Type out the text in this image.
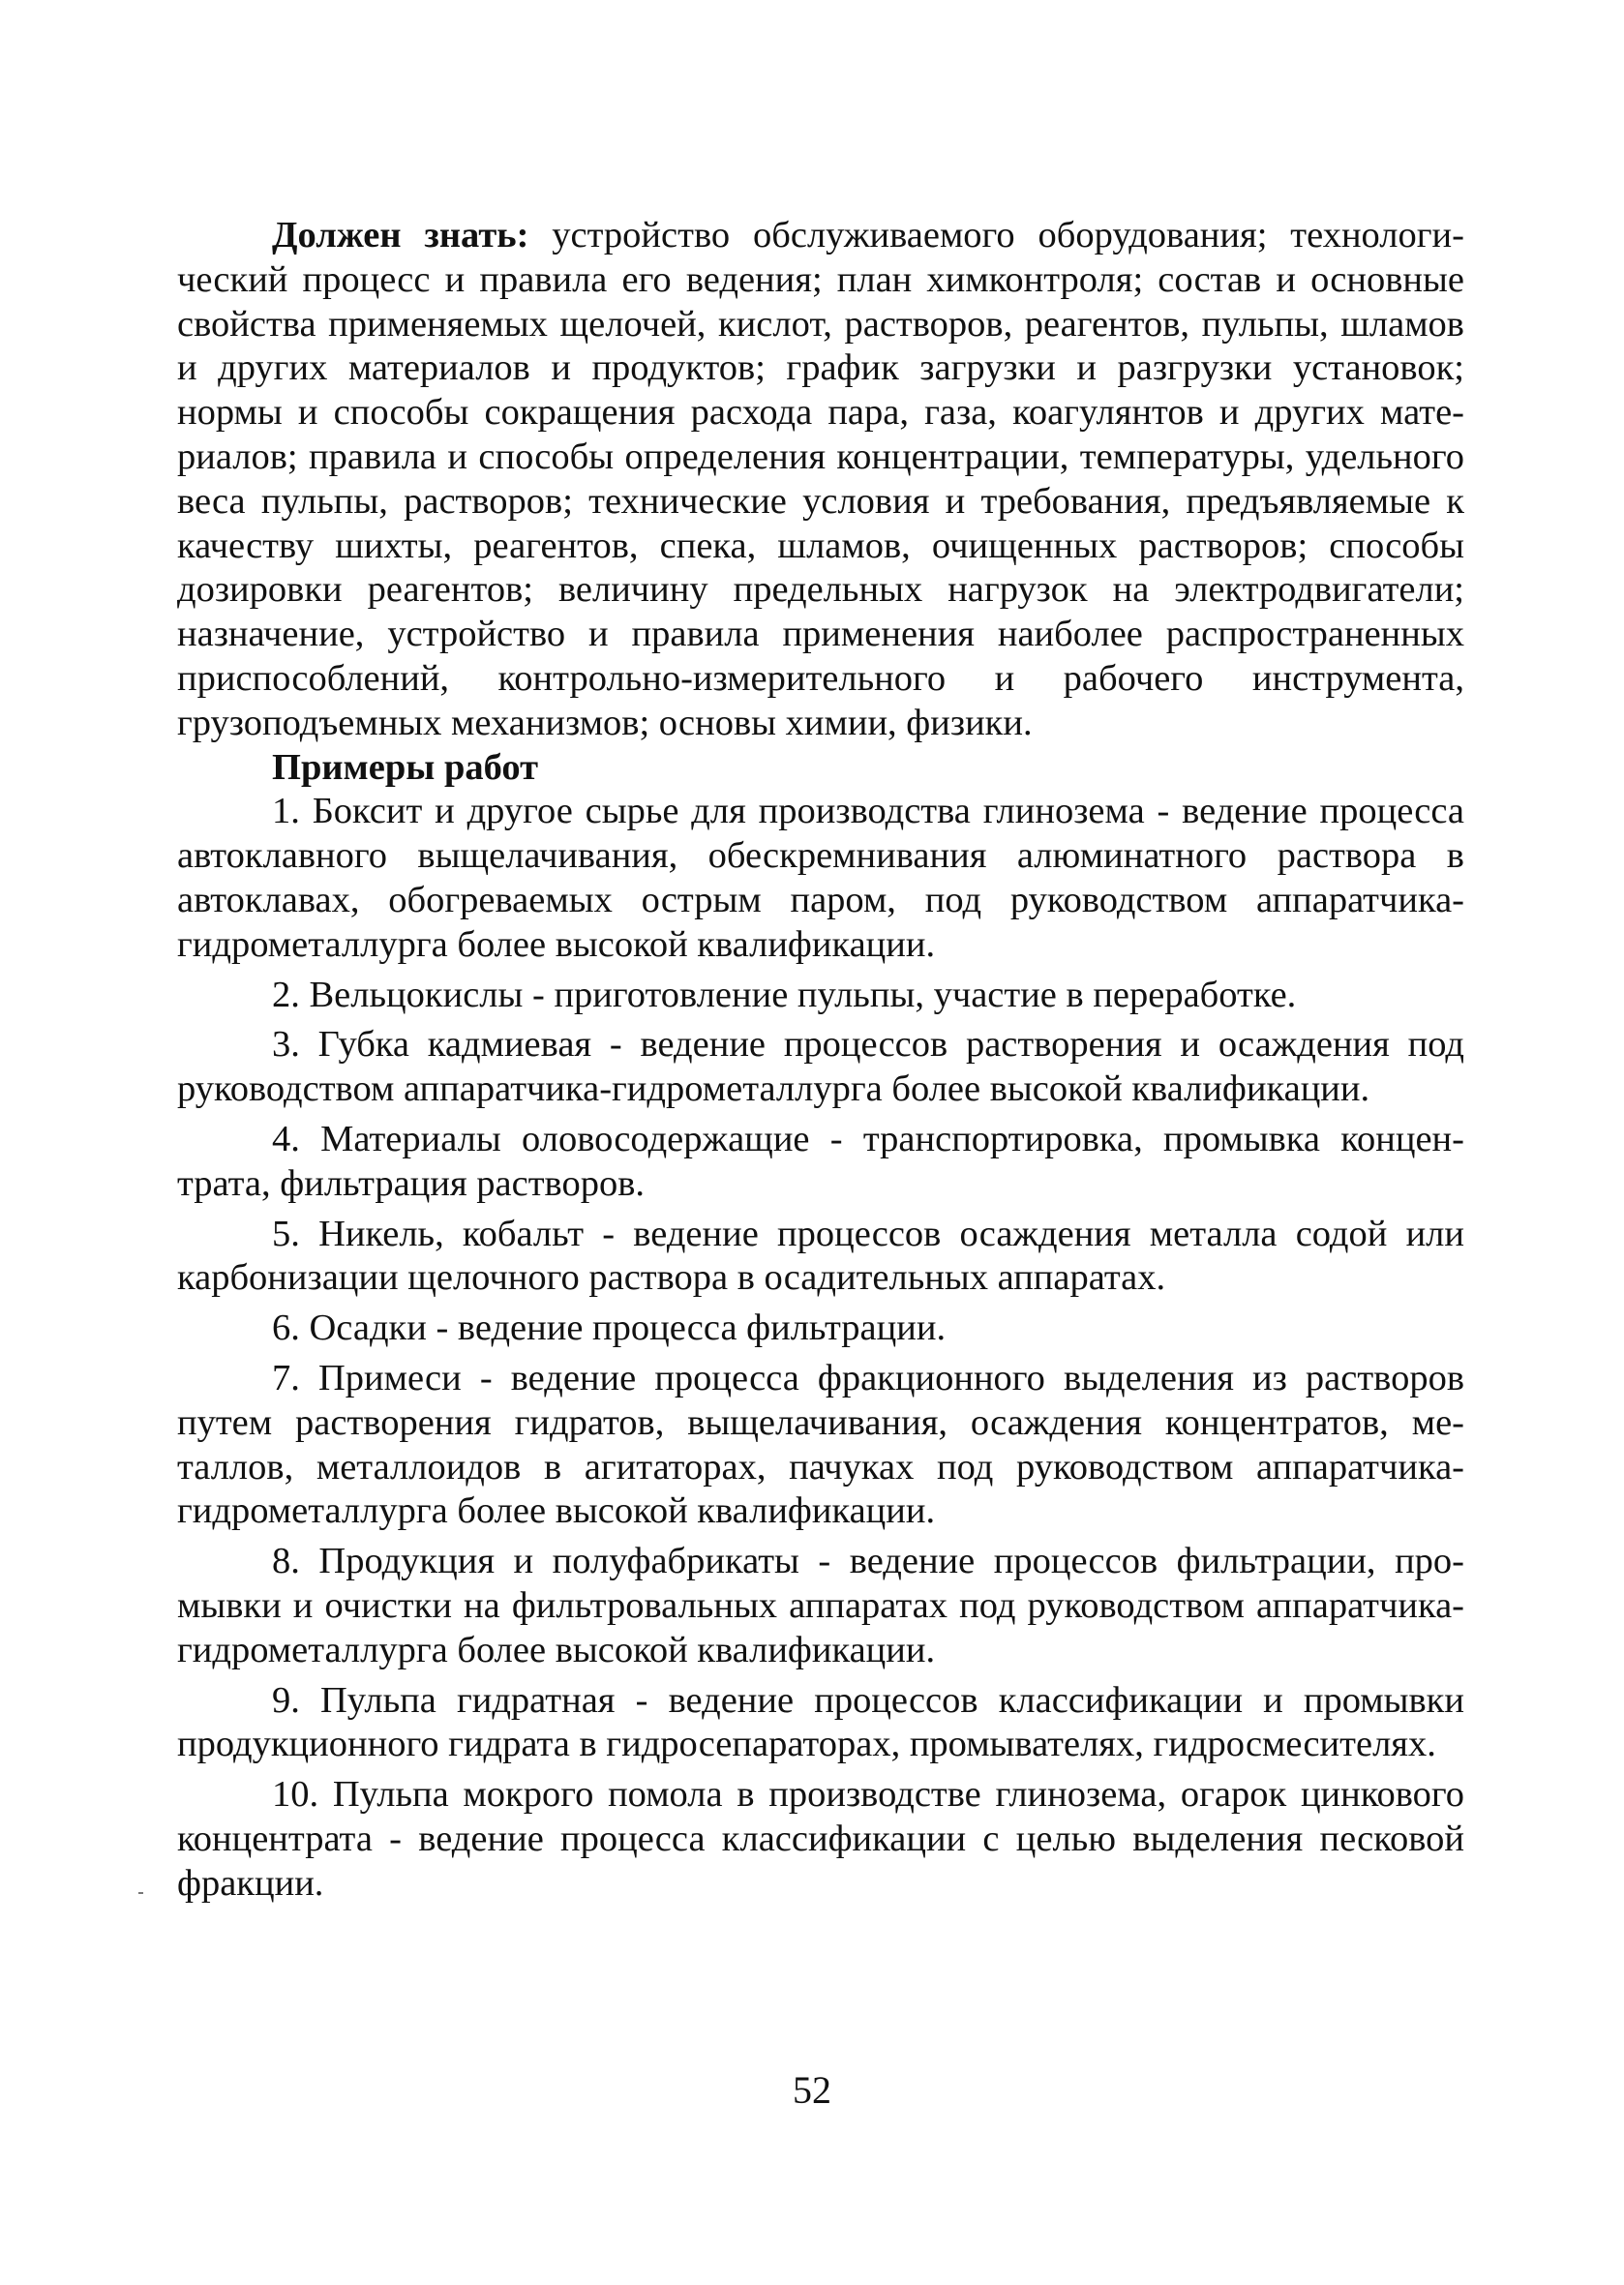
Должен знать: устройство обслуживаемого оборудования; технологический процесс и правила его ведения; план химконтроля; состав и основные свойства применяемых щелочей, кислот, растворов, реагентов, пульпы, шламов и других материалов и продуктов; график загрузки и разгрузки установок; нормы и способы сокращения расхода пара, газа, коагулянтов и других материалов; правила и способы определения концентрации, температуры, удельного веса пульпы, растворов; технические условия и требования, предъявляемые к качеству шихты, реагентов, спека, шламов, очищенных растворов; способы дозировки реагентов; величину предельных нагрузок на электродвигатели; назначение, устройство и правила применения наиболее распространенных приспособлений, контрольно-измерительного и рабочего инструмента, грузоподъемных механизмов; основы химии, физики.

Примеры работ

1. Боксит и другое сырье для производства глинозема - ведение процесса автоклавного выщелачивания, обескремнивания алюминатного раствора в автоклавах, обогреваемых острым паром, под руководством аппаратчика-гидрометаллурга более высокой квалификации.

2. Вельцокислы - приготовление пульпы, участие в переработке.

3. Губка кадмиевая - ведение процессов растворения и осаждения под руководством аппаратчика-гидрометаллурга более высокой квалификации.

4. Материалы оловосодержащие - транспортировка, промывка концентрата, фильтрация растворов.

5. Никель, кобальт - ведение процессов осаждения металла содой или карбонизации щелочного раствора в осадительных аппаратах.

6. Осадки - ведение процесса фильтрации.

7. Примеси - ведение процесса фракционного выделения из растворов путем растворения гидратов, выщелачивания, осаждения концентратов, металлов, металлоидов в агитаторах, пачуках под руководством аппаратчика-гидрометаллурга более высокой квалификации.

8. Продукция и полуфабрикаты - ведение процессов фильтрации, промывки и очистки на фильтровальных аппаратах под руководством аппаратчика-гидрометаллурга более высокой квалификации.

9. Пульпа гидратная - ведение процессов классификации и промывки продукционного гидрата в гидросепараторах, промывателях, гидросмесителях.

10. Пульпа мокрого помола в производстве глинозема, огарок цинкового концентрата - ведение процесса классификации с целью выделения песковой фракции.

52
